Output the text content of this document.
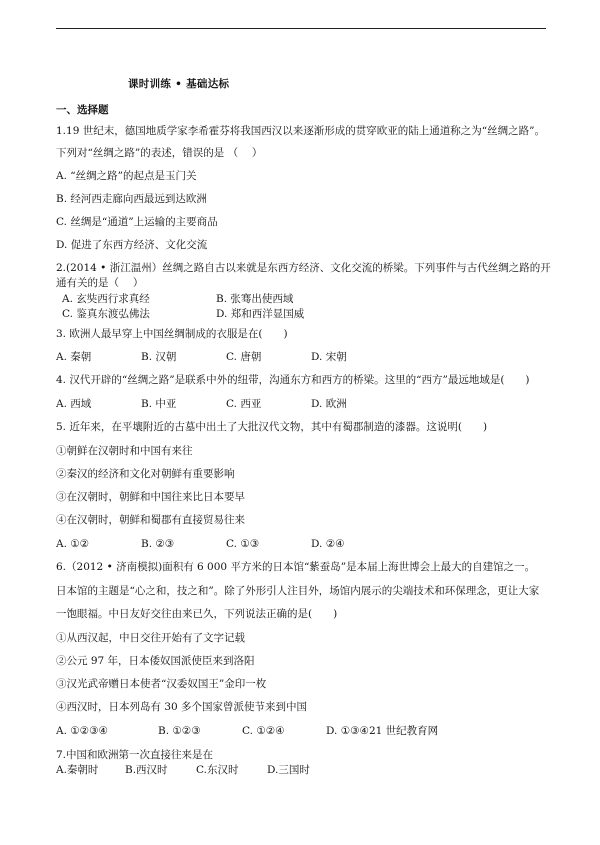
课时训练 • 基础达标
一、选择题
1.19 世纪末，德国地质学家李希霍芬将我国西汉以来逐渐形成的贯穿欧亚的陆上通道称之为“丝绸之路”。
下列对“丝绸之路”的表述，错误的是 （　 ）
A. “丝绸之路”的起点是玉门关
B. 经河西走廊向西最远到达欧洲
C. 丝绸是“通道”上运输的主要商品
D. 促进了东西方经济、文化交流
2.(2014 • 浙江温州）丝绸之路自古以来就是东西方经济、文化交流的桥梁。下列事件与古代丝绸之路的开
通有关的是（　 ）
A. 玄奘西行求真经	B. 张骞出使西域
C. 鉴真东渡弘佛法	D. 郑和西洋显国威
3. 欧洲人最早穿上中国丝绸制成的衣服是在(　　)
A. 秦朝	B. 汉朝	C. 唐朝	D. 宋朝
4. 汉代开辟的“丝绸之路”是联系中外的纽带，沟通东方和西方的桥梁。这里的“西方”最远地域是(　　)
A. 西域	B. 中亚	C. 西亚	D. 欧洲
5. 近年来，在平壤附近的古墓中出土了大批汉代文物，其中有蜀郡制造的漆器。这说明(　　)
①朝鲜在汉朝时和中国有来往
②秦汉的经济和文化对朝鲜有重要影响
③在汉朝时，朝鲜和中国往来比日本要早
④在汉朝时，朝鲜和蜀郡有直接贸易往来
A. ①②	B. ②③	C. ①③	D. ②④
6.（2012 • 济南模拟)面积有 6 000 平方米的日本馆“紫蚕岛”是本届上海世博会上最大的自建馆之一。
日本馆的主题是“心之和，技之和”。除了外形引人注目外，场馆内展示的尖端技术和环保理念，更让大家
一饱眼福。中日友好交往由来已久，下列说法正确的是(　　)
①从西汉起，中日交往开始有了文字记载
②公元 97 年，日本倭奴国派使臣来到洛阳
③汉光武帝赠日本使者“汉委奴国王”金印一枚
④西汉时，日本列岛有 30 多个国家曾派使节来到中国
A. ①②③④	B. ①②③	C. ①②④	D. ①③④21 世纪教育网
7.中国和欧洲第一次直接往来是在
A.秦朝时	B.西汉时	C.东汉时	D.三国时
